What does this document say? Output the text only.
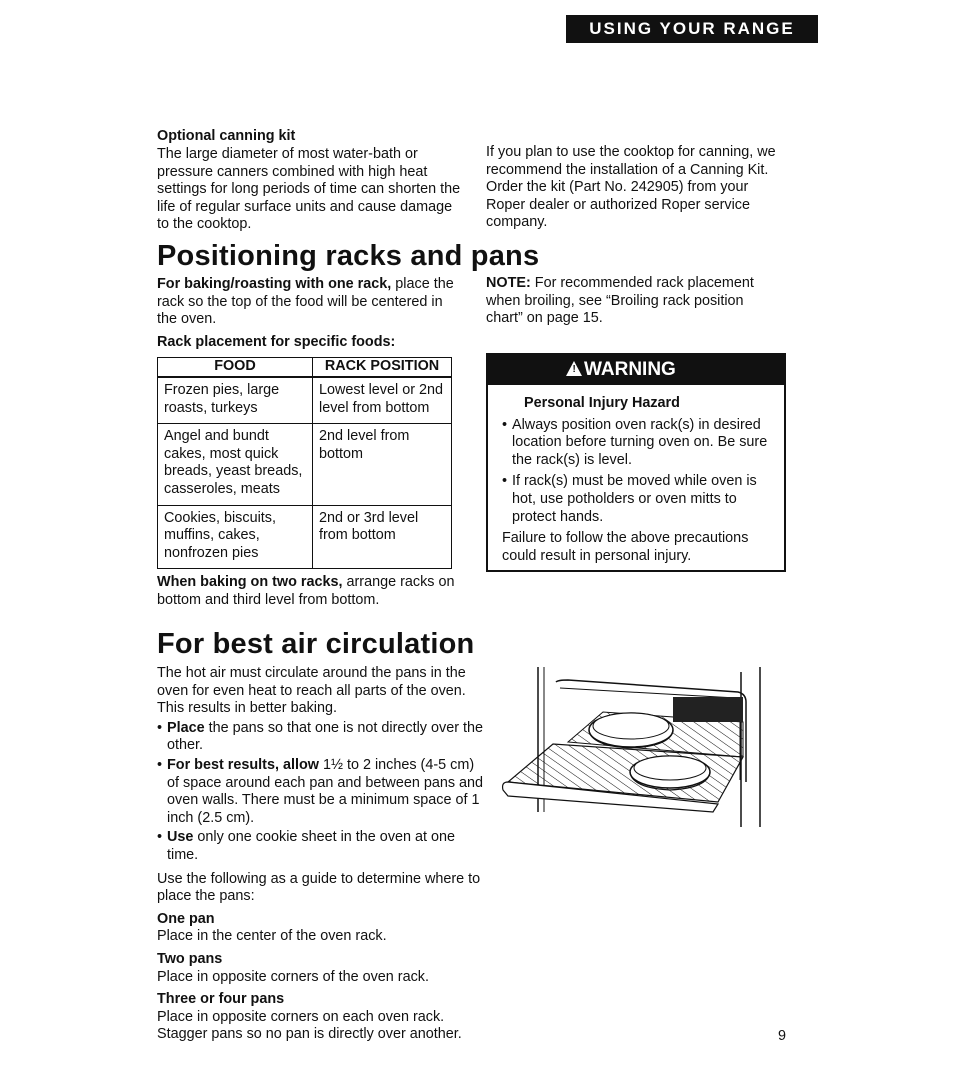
USING YOUR RANGE
Optional canning kit
The large diameter of most water-bath or pressure canners combined with high heat settings for long periods of time can shorten the life of regular surface units and cause damage to the cooktop.
If you plan to use the cooktop for canning, we recommend the installation of a Canning Kit. Order the kit (Part No. 242905) from your Roper dealer or authorized Roper service company.
Positioning racks and pans
For baking/roasting with one rack, place the rack so the top of the food will be centered in the oven.
NOTE: For recommended rack placement when broiling, see “Broiling rack position chart” on page 15.
Rack placement for specific foods:
FOOD	RACK POSITION
Frozen pies, large roasts, turkeys	Lowest level or 2nd level from bottom
Angel and bundt cakes, most quick breads, yeast breads, casseroles, meats	2nd level from bottom
Cookies, biscuits, muffins, cakes, nonfrozen pies	2nd or 3rd level from bottom
When baking on two racks, arrange racks on bottom and third level from bottom.
! WARNING
Personal Injury Hazard
• Always position oven rack(s) in desired location before turning oven on. Be sure the rack(s) is level.
• If rack(s) must be moved while oven is hot, use potholders or oven mitts to protect hands.
Failure to follow the above precautions could result in personal injury.
For best air circulation
The hot air must circulate around the pans in the oven for even heat to reach all parts of the oven. This results in better baking.
• Place the pans so that one is not directly over the other.
• For best results, allow 1½ to 2 inches (4-5 cm) of space around each pan and between pans and oven walls. There must be a minimum space of 1 inch (2.5 cm).
• Use only one cookie sheet in the oven at one time.
Use the following as a guide to determine where to place the pans:
One pan
Place in the center of the oven rack.
Two pans
Place in opposite corners of the oven rack.
Three or four pans
Place in opposite corners on each oven rack. Stagger pans so no pan is directly over another.	9
